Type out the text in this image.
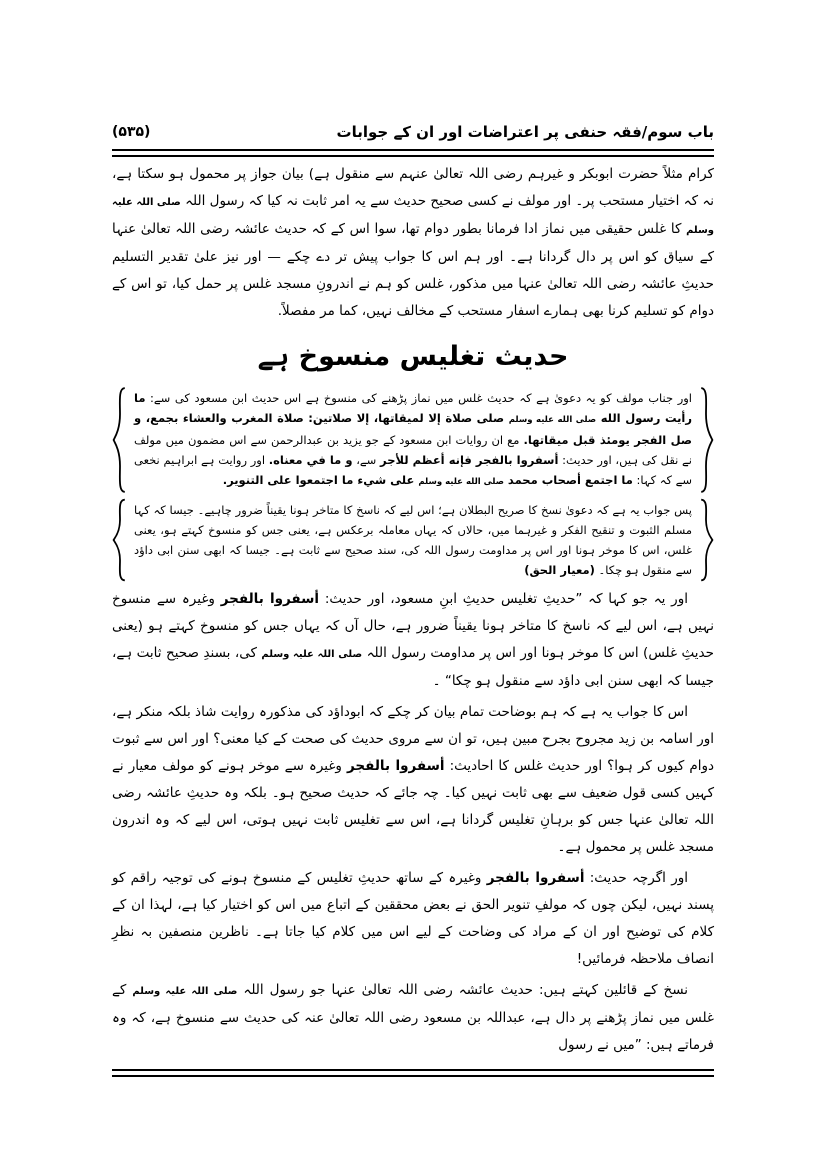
باب سوم/فقہ حنفی پر اعتراضات اور ان کے جوابات
(۵۳۵)

کرام مثلاً حضرت ابوبکر و غیرہم رضی اللہ تعالیٰ عنہم سے منقول ہے) بیان جواز پر محمول ہو سکتا ہے، نہ کہ اختیار مستحب پر۔ اور مولف نے کسی صحیح حدیث سے یہ امر ثابت نہ کیا کہ رسول اللہ صلی اللہ علیہ وسلم کا غلس حقیقی میں نماز ادا فرمانا بطور دوام تھا، سوا اس کے کہ حدیث عائشہ رضی اللہ تعالیٰ عنہا کے سیاق کو اس پر دال گردانا ہے۔ اور ہم اس کا جواب پیش تر دے چکے — اور نیز علیٰ تقدیر التسلیم حدیثِ عائشہ رضی اللہ تعالیٰ عنہا میں مذکور، غلس کو ہم نے اندرونِ مسجد غلس پر حمل کیا، تو اس کے دوام کو تسلیم کرنا بھی ہمارے اسفار مستحب کے مخالف نہیں، کما مر مفصلاً.

حدیث تغلیس منسوخ ہے
اور جناب مولف کو یہ دعویٰ ہے کہ حدیث غلس میں نماز پڑھنے کی منسوخ ہے اس حدیث ابن مسعود کی سے: ما رأيت رسول الله صلى الله عليه وسلم صلى صلاة إلا لميقاتها، إلا صلاتين: صلاة المغرب والعشاء بجمع، و صل الفجر يومئذ قبل ميقاتها. مع ان روایات ابن مسعود کے جو یزید بن عبدالرحمن سے اس مضمون میں مولف نے نقل کی ہیں، اور حدیث: أسفروا بالفجر فإنه أعظم للأجر سے، و ما في معناه. اور روایت ہے ابراہیم نخعی سے کہ کہا: ما اجتمع أصحاب محمد صلى الله عليه وسلم على شيء ما اجتمعوا على التنوير.
پس جواب یہ ہے کہ دعویٰ نسخ کا صریح البطلان ہے؛ اس لیے کہ ناسخ کا متاخر ہونا یقیناً ضرور چاہیے۔ جیسا کہ کہا مسلم الثبوت و تنقیح الفکر و غیرہما میں، حالاں کہ یہاں معاملہ برعکس ہے، یعنی جس کو منسوخ کہتے ہو، یعنی غلس، اس کا موخر ہونا اور اس پر مداومت رسول اللہ کی، سند صحیح سے ثابت ہے۔ جیسا کہ ابھی سنن ابی داؤد سے منقول ہو چکا۔ (معیار الحق)

اور یہ جو کہا کہ ”حدیثِ تغلیس حدیثِ ابنِ مسعود، اور حدیث: أسفروا بالفجر وغیرہ سے منسوخ نہیں ہے، اس لیے کہ ناسخ کا متاخر ہونا یقیناً ضرور ہے، حال آں کہ یہاں جس کو منسوخ کہتے ہو (یعنی حدیثِ غلس) اس کا موخر ہونا اور اس پر مداومت رسول اللہ صلی اللہ علیہ وسلم کی، بسندِ صحیح ثابت ہے، جیسا کہ ابھی سنن ابی داؤد سے منقول ہو چکا“ ۔

اس کا جواب یہ ہے کہ ہم بوضاحت تمام بیان کر چکے کہ ابوداؤد کی مذکورہ روایت شاذ بلکہ منکر ہے، اور اسامہ بن زید مجروح بجرح مبین ہیں، تو ان سے مروی حدیث کی صحت کے کیا معنی؟ اور اس سے ثبوت دوام کیوں کر ہوا؟ اور حدیث غلس کا احادیث: أسفروا بالفجر وغیرہ سے موخر ہونے کو مولف معیار نے کہیں کسی قول ضعیف سے بھی ثابت نہیں کیا۔ چہ جائے کہ حدیث صحیح ہو۔ بلکہ وہ حدیثِ عائشہ رضی اللہ تعالیٰ عنہا جس کو برہانِ تغلیس گردانا ہے، اس سے تغلیس ثابت نہیں ہوتی، اس لیے کہ وہ اندرون مسجد غلس پر محمول ہے۔

اور اگرچہ حدیث: أسفروا بالفجر وغیرہ کے ساتھ حدیثِ تغلیس کے منسوخ ہونے کی توجیہ راقم کو پسند نہیں، لیکن چوں کہ مولفِ تنویر الحق نے بعض محققین کے اتباع میں اس کو اختیار کیا ہے، لہذا ان کے کلام کی توضیح اور ان کے مراد کی وضاحت کے لیے اس میں کلام کیا جاتا ہے۔ ناظرین منصفین بہ نظرِ انصاف ملاحظہ فرمائیں!

نسخ کے قائلین کہتے ہیں: حدیث عائشہ رضی اللہ تعالیٰ عنہا جو رسول اللہ صلی اللہ علیہ وسلم کے غلس میں نماز پڑھنے پر دال ہے، عبداللہ بن مسعود رضی اللہ تعالیٰ عنہ کی حدیث سے منسوخ ہے، کہ وہ فرماتے ہیں: ”میں نے رسول
